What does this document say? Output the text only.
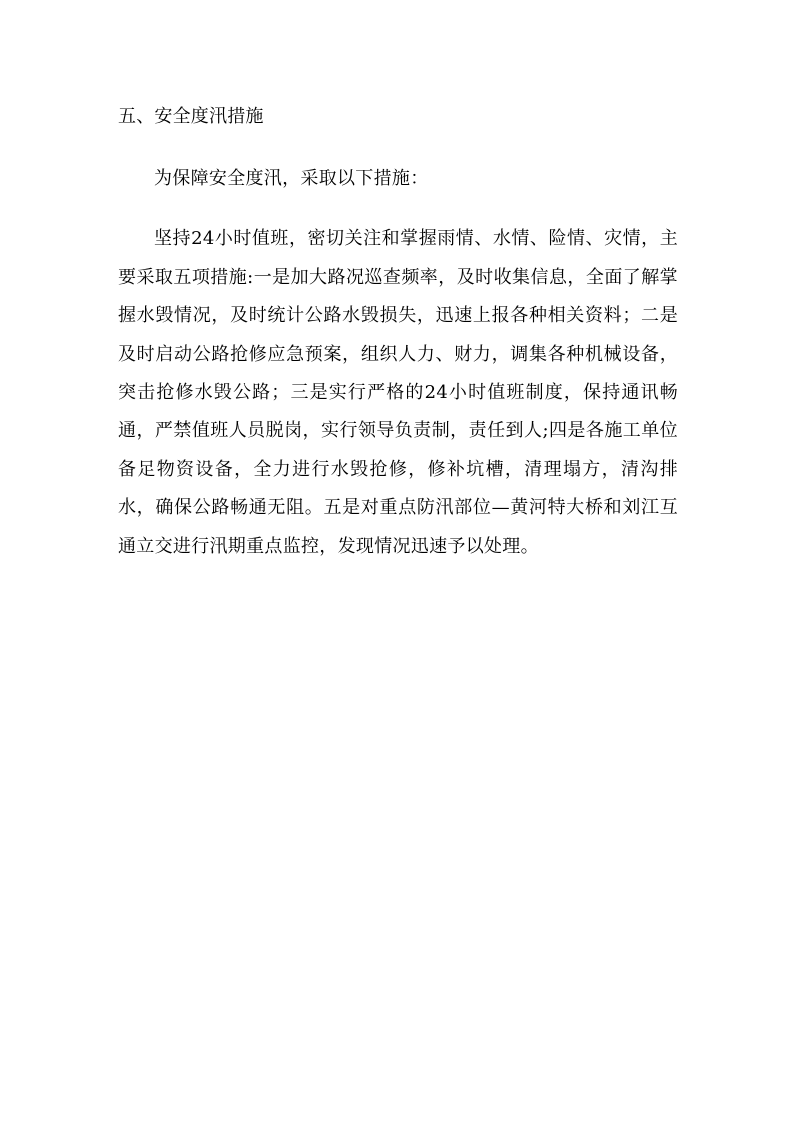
五、安全度汛措施

为保障安全度汛，采取以下措施：

坚持24小时值班，密切关注和掌握雨情、水情、险情、灾情，主要采取五项措施:一是加大路况巡查频率，及时收集信息，全面了解掌握水毁情况，及时统计公路水毁损失，迅速上报各种相关资料；二是及时启动公路抢修应急预案，组织人力、财力，调集各种机械设备，突击抢修水毁公路；三是实行严格的24小时值班制度，保持通讯畅通，严禁值班人员脱岗，实行领导负责制，责任到人;四是各施工单位备足物资设备，全力进行水毁抢修，修补坑槽，清理塌方，清沟排水，确保公路畅通无阻。五是对重点防汛部位—黄河特大桥和刘江互通立交进行汛期重点监控，发现情况迅速予以处理。
